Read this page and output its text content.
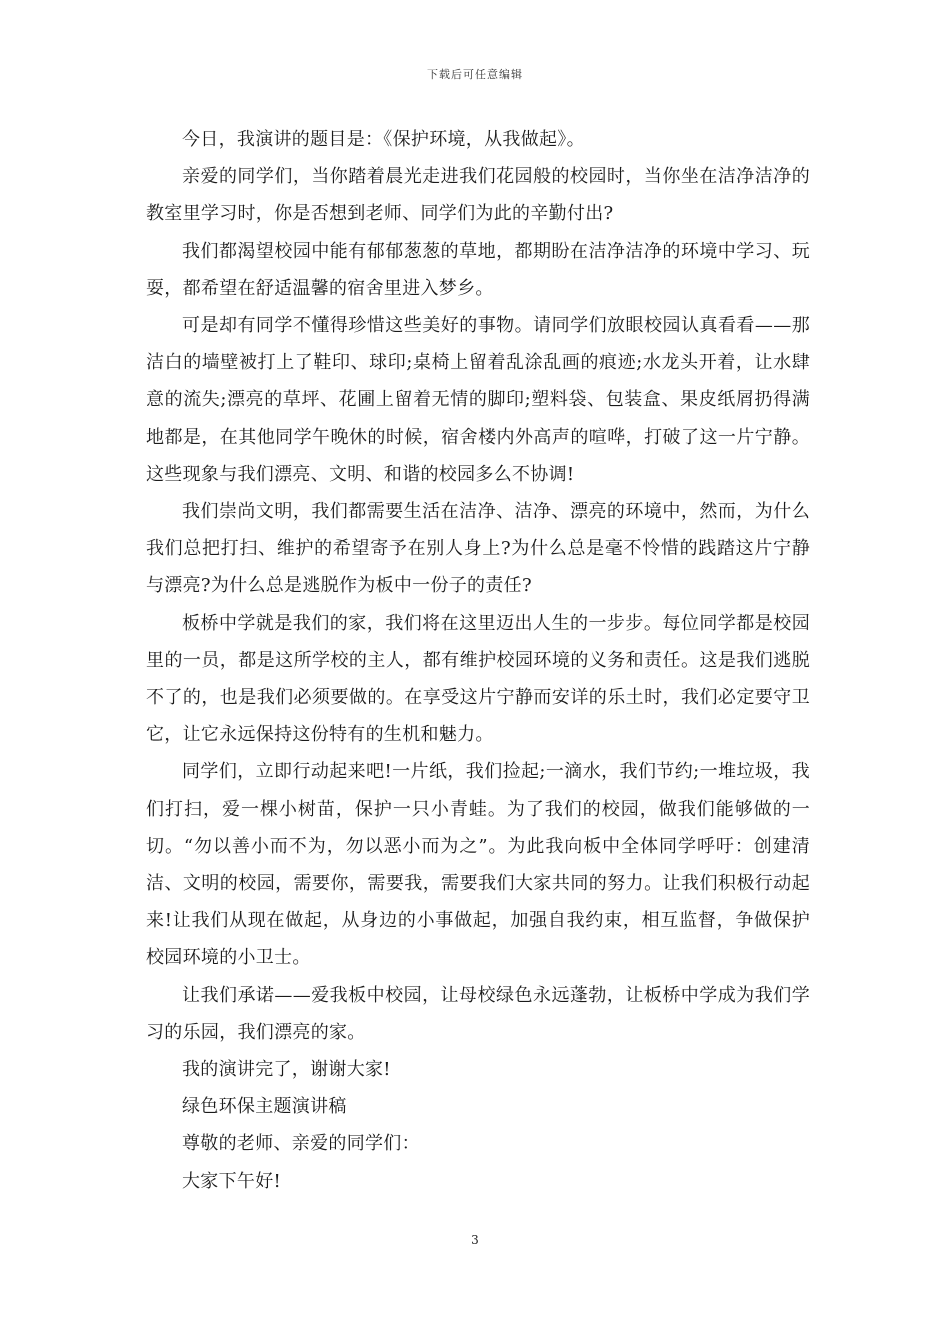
下载后可任意编辑

今日，我演讲的题目是：《保护环境，从我做起》。

亲爱的同学们，当你踏着晨光走进我们花园般的校园时，当你坐在洁净洁净的教室里学习时，你是否想到老师、同学们为此的辛勤付出?

我们都渴望校园中能有郁郁葱葱的草地，都期盼在洁净洁净的环境中学习、玩耍，都希望在舒适温馨的宿舍里进入梦乡。

可是却有同学不懂得珍惜这些美好的事物。请同学们放眼校园认真看看——那洁白的墙壁被打上了鞋印、球印;桌椅上留着乱涂乱画的痕迹;水龙头开着，让水肆意的流失;漂亮的草坪、花圃上留着无情的脚印;塑料袋、包装盒、果皮纸屑扔得满地都是，在其他同学午晚休的时候，宿舍楼内外高声的喧哗，打破了这一片宁静。这些现象与我们漂亮、文明、和谐的校园多么不协调!

我们崇尚文明，我们都需要生活在洁净、洁净、漂亮的环境中，然而，为什么我们总把打扫、维护的希望寄予在别人身上?为什么总是毫不怜惜的践踏这片宁静与漂亮?为什么总是逃脱作为板中一份子的责任?

板桥中学就是我们的家，我们将在这里迈出人生的一步步。每位同学都是校园里的一员，都是这所学校的主人，都有维护校园环境的义务和责任。这是我们逃脱不了的，也是我们必须要做的。在享受这片宁静而安详的乐土时，我们必定要守卫它，让它永远保持这份特有的生机和魅力。

同学们，立即行动起来吧!一片纸，我们捡起;一滴水，我们节约;一堆垃圾，我们打扫，爱一棵小树苗，保护一只小青蛙。为了我们的校园，做我们能够做的一切。“勿以善小而不为，勿以恶小而为之”。为此我向板中全体同学呼吁：创建清洁、文明的校园，需要你，需要我，需要我们大家共同的努力。让我们积极行动起来!让我们从现在做起，从身边的小事做起，加强自我约束，相互监督，争做保护校园环境的小卫士。

让我们承诺——爱我板中校园，让母校绿色永远蓬勃，让板桥中学成为我们学习的乐园，我们漂亮的家。

我的演讲完了，谢谢大家!

绿色环保主题演讲稿

尊敬的老师、亲爱的同学们：

大家下午好!

3
